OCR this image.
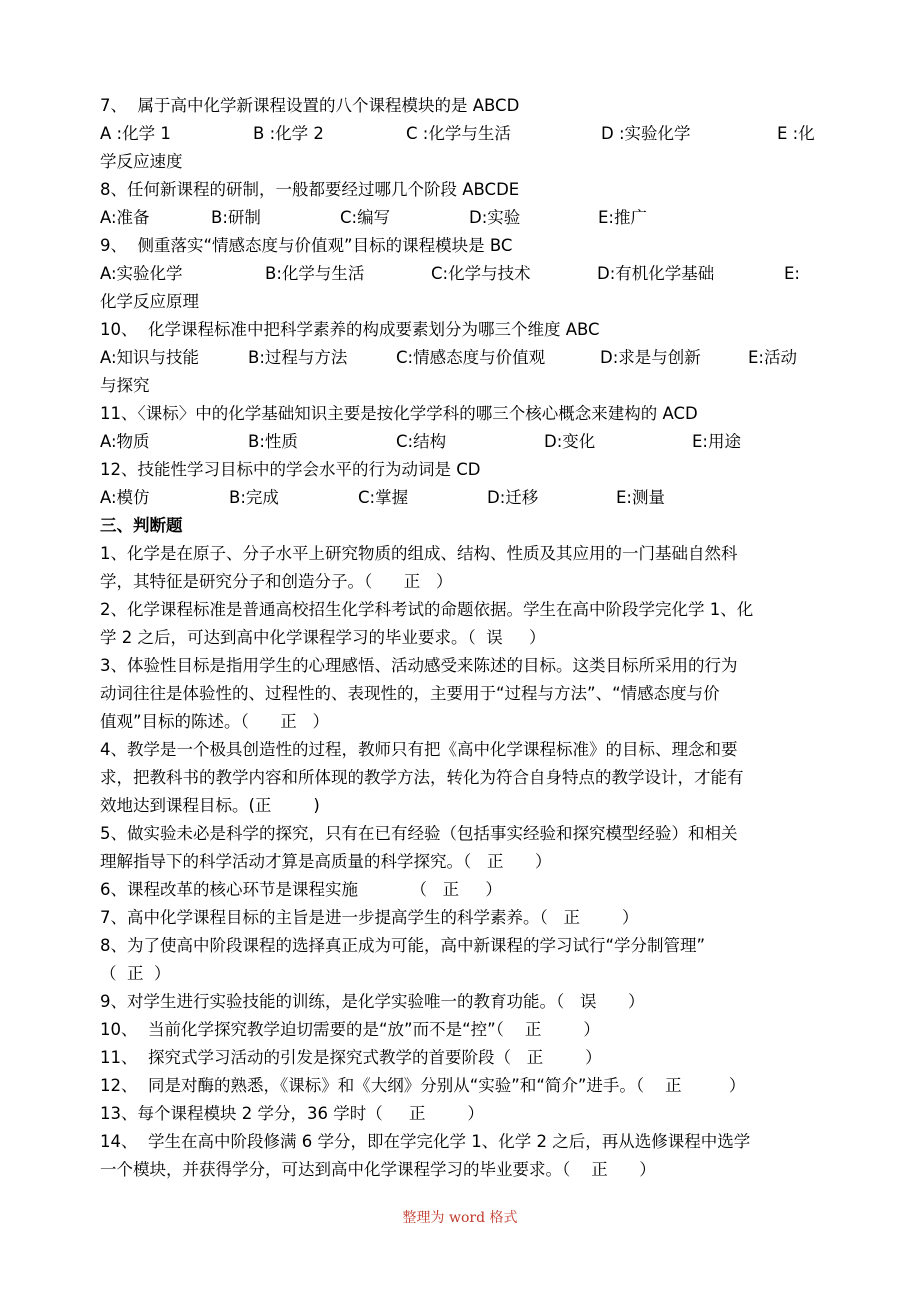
7、  属于高中化学新课程设置的八个课程模块的是 ABCD
A :化学 1	B :化学 2	C :化学与生活	D :实验化学	E :化
学反应速度
8、任何新课程的研制，一般都要经过哪几个阶段 ABCDE
A:准备	B:研制	C:编写	D:实验	E:推广
9、  侧重落实“情感态度与价值观”目标的课程模块是 BC
A:实验化学	B:化学与生活	C:化学与技术	D:有机化学基础	E:
化学反应原理
10、  化学课程标准中把科学素养的构成要素划分为哪三个维度 ABC
A:知识与技能	B:过程与方法	C:情感态度与价值观	D:求是与创新	E:活动
与探究
11、〈课标〉中的化学基础知识主要是按化学学科的哪三个核心概念来建构的 ACD
A:物质	B:性质	C:结构	D:变化	E:用途
12、技能性学习目标中的学会水平的行为动词是 CD
A:模仿	B:完成	C:掌握	D:迁移	E:测量
三、判断题
1、化学是在原子、分子水平上研究物质的组成、结构、性质及其应用的一门基础自然科
学，其特征是研究分子和创造分子。（      正   ）
2、化学课程标准是普通高校招生化学科考试的命题依据。学生在高中阶段学完化学 1、化
学 2 之后，可达到高中化学课程学习的毕业要求。（  误     ）
3、体验性目标是指用学生的心理感悟、活动感受来陈述的目标。这类目标所采用的行为
动词往往是体验性的、过程性的、表现性的，主要用于“过程与方法”、“情感态度与价
值观”目标的陈述。（      正   ）
4、教学是一个极具创造性的过程，教师只有把《高中化学课程标准》的目标、理念和要
求，把教科书的教学内容和所体现的教学方法，转化为符合自身特点的教学设计，才能有
效地达到课程目标。(正        )
5、做实验未必是科学的探究，只有在已有经验（包括事实经验和探究模型经验）和相关
理解指导下的科学活动才算是高质量的科学探究。（   正      ）
6、课程改革的核心环节是课程实施          （   正     ）
7、高中化学课程目标的主旨是进一步提高学生的科学素养。（   正        ）
8、为了使高中阶段课程的选择真正成为可能，高中新课程的学习试行“学分制管理”
（  正  ）
9、对学生进行实验技能的训练，是化学实验唯一的教育功能。（   误      ）
10、  当前化学探究教学迫切需要的是“放”而不是“控”（    正        ）
11、  探究式学习活动的引发是探究式教学的首要阶段（   正        ）
12、  同是对酶的熟悉，《课标》和《大纲》分别从“实验”和“简介”进手。（    正         ）
13、每个课程模块 2 学分，36 学时（     正        ）
14、  学生在高中阶段修满 6 学分，即在学完化学 1、化学 2 之后，再从选修课程中选学
一个模块，并获得学分，可达到高中化学课程学习的毕业要求。（    正      ）
整理为 word 格式
